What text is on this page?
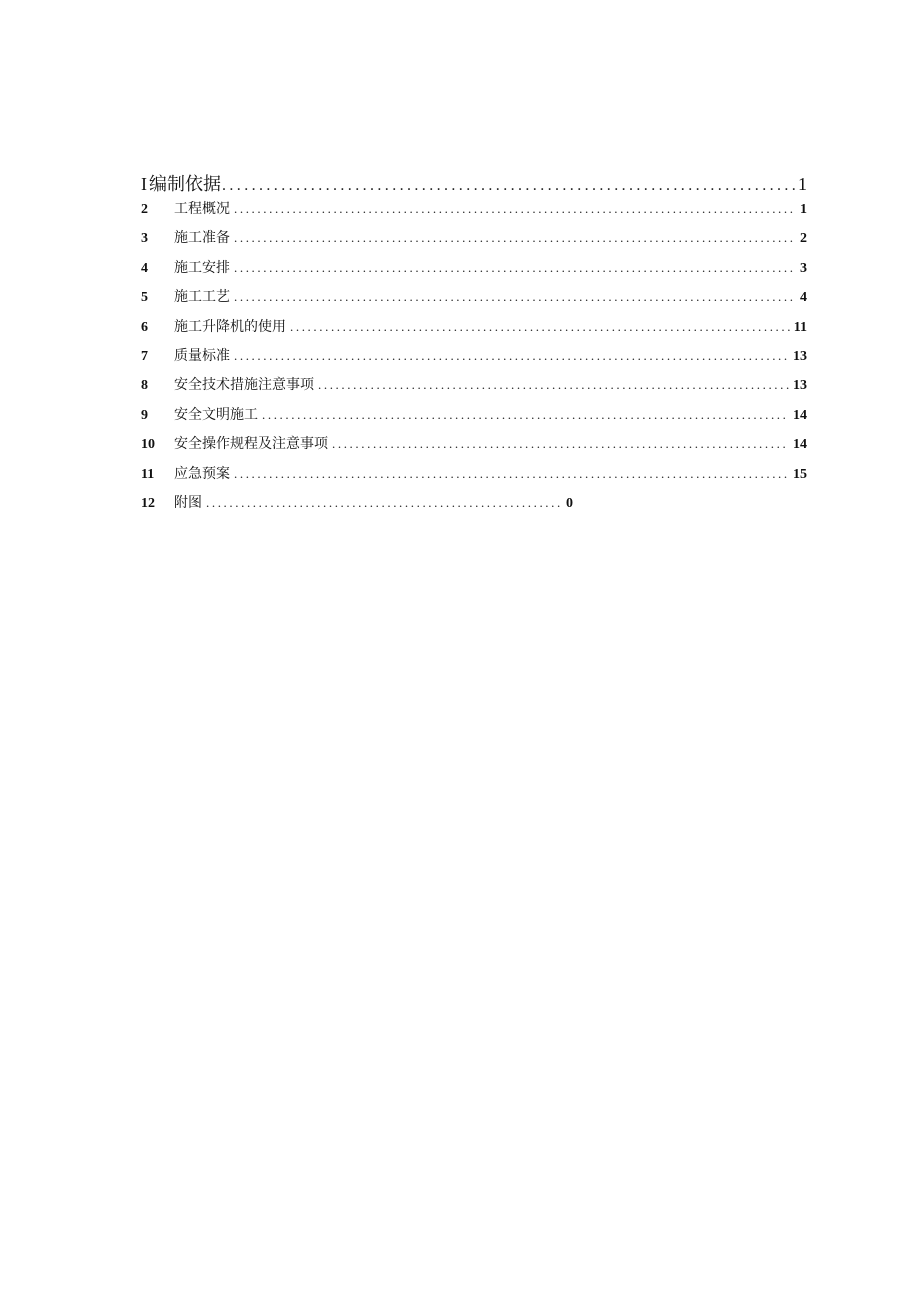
I 编制依据 .....	1
2	工程概况 .....	1
3	施工准备 .....	2
4	施工安排 .....	3
5	施工工艺 .....	4
6	施工升降机的使用 .....	11
7	质量标准 .....	13
8	安全技术措施注意事项 .....	13
9	安全文明施工 .....	14
10	安全操作规程及注意事项 .....	14
11	应急预案 .....	15
12	附图 .....	0
